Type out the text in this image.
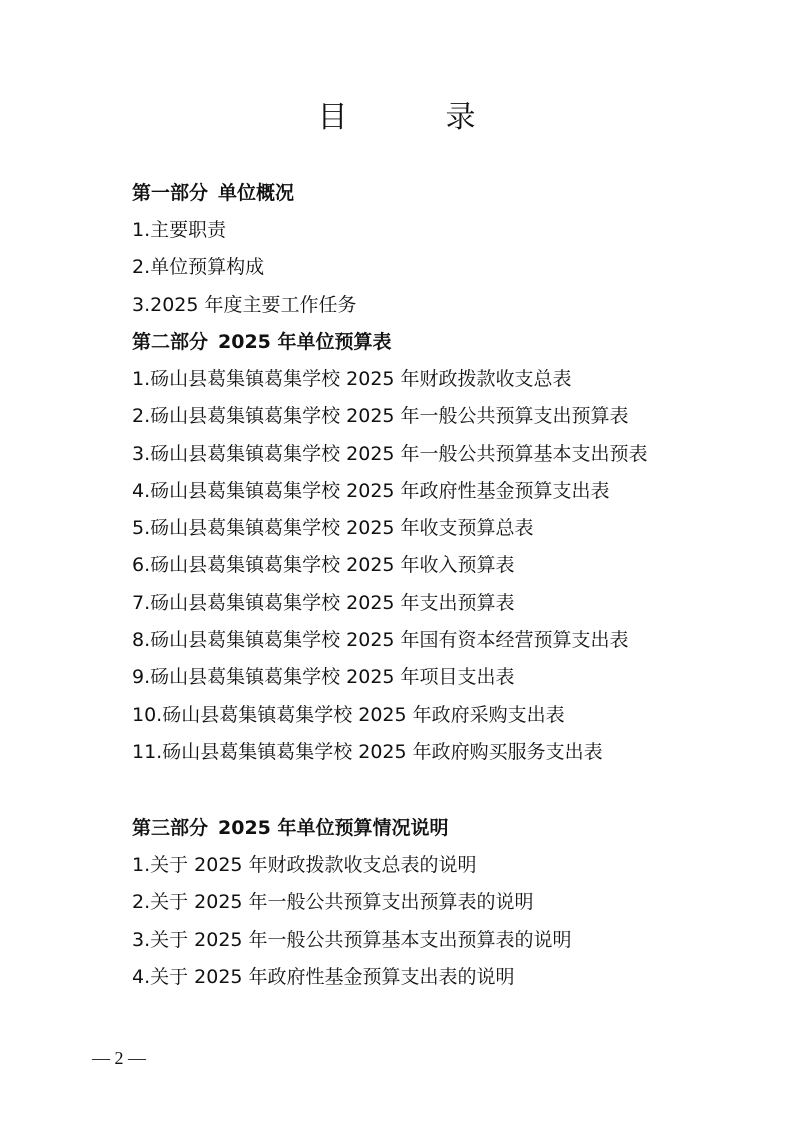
目　录
第一部分 单位概况
1.主要职责
2.单位预算构成
3.2025 年度主要工作任务
第二部分 2025 年单位预算表
1.砀山县葛集镇葛集学校 2025 年财政拨款收支总表
2.砀山县葛集镇葛集学校 2025 年一般公共预算支出预算表
3.砀山县葛集镇葛集学校 2025 年一般公共预算基本支出预表
4.砀山县葛集镇葛集学校 2025 年政府性基金预算支出表
5.砀山县葛集镇葛集学校 2025 年收支预算总表
6.砀山县葛集镇葛集学校 2025 年收入预算表
7.砀山县葛集镇葛集学校 2025 年支出预算表
8.砀山县葛集镇葛集学校 2025 年国有资本经营预算支出表
9.砀山县葛集镇葛集学校 2025 年项目支出表
10.砀山县葛集镇葛集学校 2025 年政府采购支出表
11.砀山县葛集镇葛集学校 2025 年政府购买服务支出表
第三部分 2025 年单位预算情况说明
1.关于 2025 年财政拨款收支总表的说明
2.关于 2025 年一般公共预算支出预算表的说明
3.关于 2025 年一般公共预算基本支出预算表的说明
4.关于 2025 年政府性基金预算支出表的说明
— 2 —
